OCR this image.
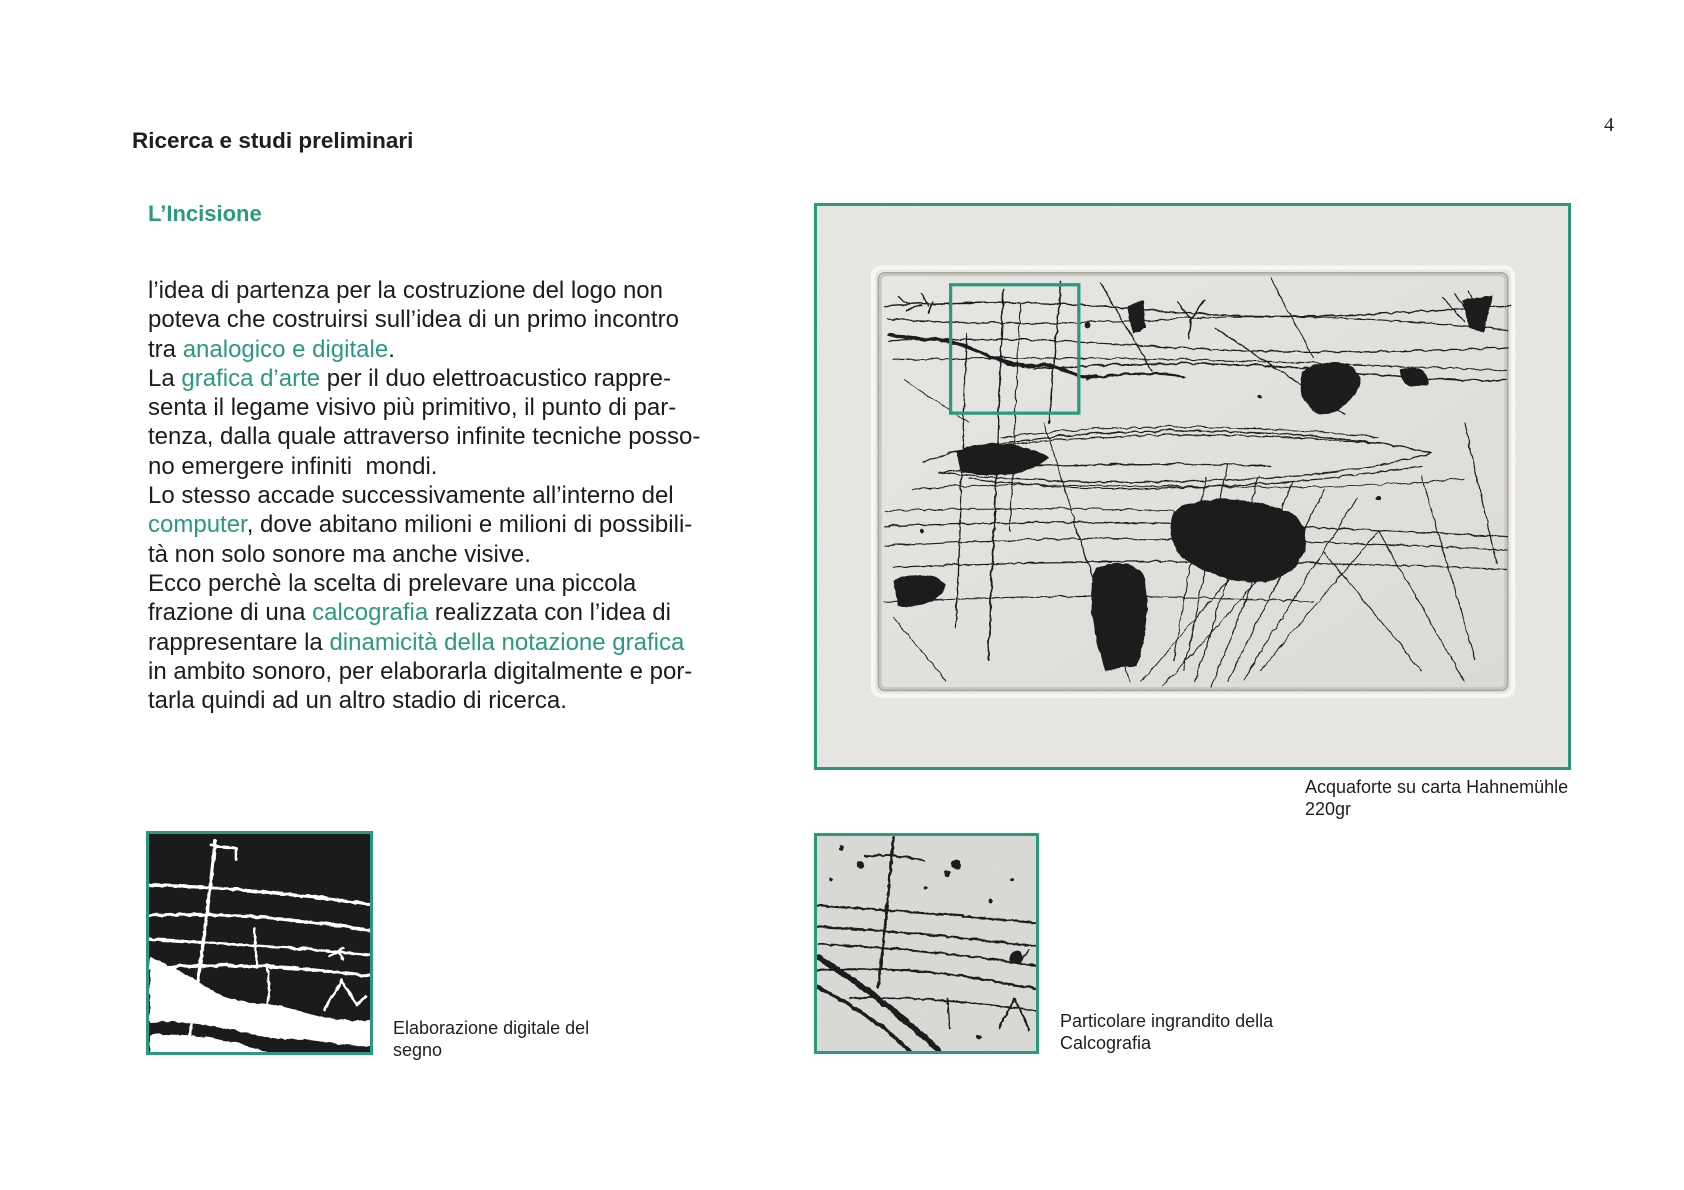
Ricerca e studi preliminari
4
L’Incisione
l’idea di partenza per la costruzione del logo non
poteva che costruirsi sull’idea di un primo incontro
tra analogico e digitale.
La grafica d’arte per il duo elettroacustico rappre-
senta il legame visivo più primitivo, il punto di par-
tenza, dalla quale attraverso infinite tecniche posso-
no emergere infiniti  mondi.
Lo stesso accade successivamente all’interno del
computer, dove abitano milioni e milioni di possibili-
tà non solo sonore ma anche visive.
Ecco perchè la scelta di prelevare una piccola
frazione di una calcografia realizzata con l’idea di
rappresentare la dinamicità della notazione grafica
in ambito sonoro, per elaborarla digitalmente e por-
tarla quindi ad un altro stadio di ricerca.
Acquaforte su carta Hahnemühle
220gr
Elaborazione digitale del
segno
Particolare ingrandito della
Calcografia
